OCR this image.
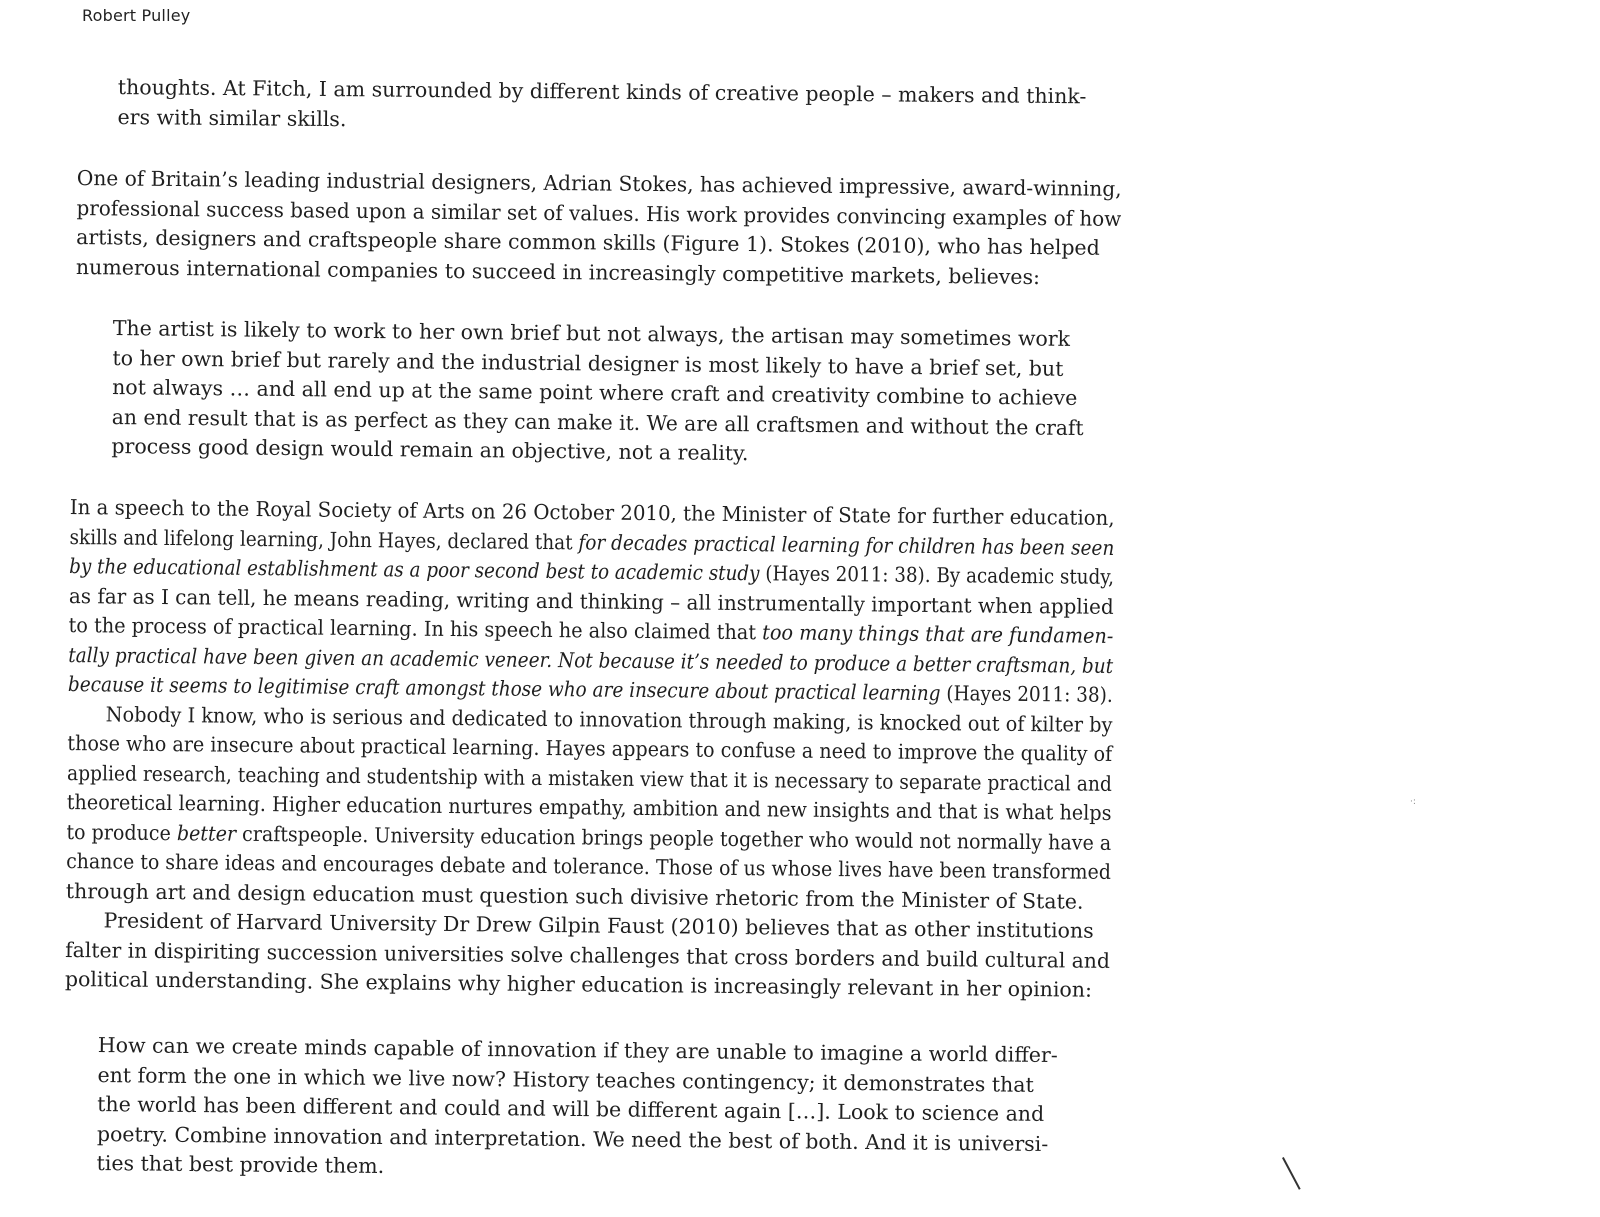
Robert Pulley
thoughts. At Fitch, I am surrounded by different kinds of creative people – makers and think-
ers with similar skills.
One of Britain’s leading industrial designers, Adrian Stokes, has achieved impressive, award-winning,
professional success based upon a similar set of values. His work provides convincing examples of how
artists, designers and craftspeople share common skills (Figure 1). Stokes (2010), who has helped
numerous international companies to succeed in increasingly competitive markets, believes:
The artist is likely to work to her own brief but not always, the artisan may sometimes work
to her own brief but rarely and the industrial designer is most likely to have a brief set, but
not always … and all end up at the same point where craft and creativity combine to achieve
an end result that is as perfect as they can make it. We are all craftsmen and without the craft
process good design would remain an objective, not a reality.
In a speech to the Royal Society of Arts on 26 October 2010, the Minister of State for further education,
skills and lifelong learning, John Hayes, declared that for decades practical learning for children has been seen
by the educational establishment as a poor second best to academic study (Hayes 2011: 38). By academic study,
as far as I can tell, he means reading, writing and thinking – all instrumentally important when applied
to the process of practical learning. In his speech he also claimed that too many things that are fundamen-
tally practical have been given an academic veneer. Not because it’s needed to produce a better craftsman, but
because it seems to legitimise craft amongst those who are insecure about practical learning (Hayes 2011: 38).
Nobody I know, who is serious and dedicated to innovation through making, is knocked out of kilter by
those who are insecure about practical learning. Hayes appears to confuse a need to improve the quality of
applied research, teaching and studentship with a mistaken view that it is necessary to separate practical and
theoretical learning. Higher education nurtures empathy, ambition and new insights and that is what helps
to produce better craftspeople. University education brings people together who would not normally have a
chance to share ideas and encourages debate and tolerance. Those of us whose lives have been transformed
through art and design education must question such divisive rhetoric from the Minister of State.
President of Harvard University Dr Drew Gilpin Faust (2010) believes that as other institutions
falter in dispiriting succession universities solve challenges that cross borders and build cultural and
political understanding. She explains why higher education is increasingly relevant in her opinion:
How can we create minds capable of innovation if they are unable to imagine a world differ-
ent form the one in which we live now? History teaches contingency; it demonstrates that
the world has been different and could and will be different again […]. Look to science and
poetry. Combine innovation and interpretation. We need the best of both. And it is universi-
ties that best provide them.
·:
